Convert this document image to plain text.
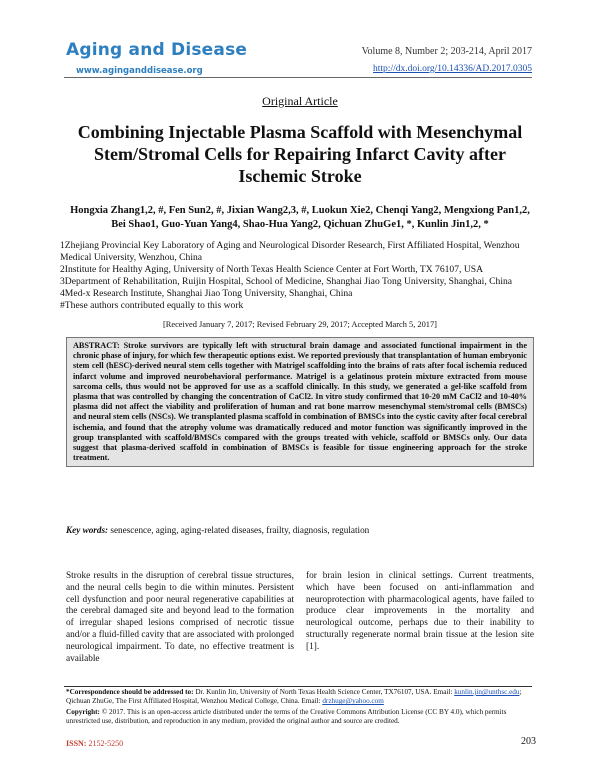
Aging and Disease
www.aginganddisease.org
Volume 8, Number 2; 203-214, April 2017
http://dx.doi.org/10.14336/AD.2017.0305
Original Article
Combining Injectable Plasma Scaffold with Mesenchymal Stem/Stromal Cells for Repairing Infarct Cavity after Ischemic Stroke
Hongxia Zhang1,2, #, Fen Sun2, #, Jixian Wang2,3, #, Luokun Xie2, Chenqi Yang2, Mengxiong Pan1,2, Bei Shao1, Guo-Yuan Yang4, Shao-Hua Yang2, Qichuan ZhuGe1, *, Kunlin Jin1,2, *
1Zhejiang Provincial Key Laboratory of Aging and Neurological Disorder Research, First Affiliated Hospital, Wenzhou Medical University, Wenzhou, China
2Institute for Healthy Aging, University of North Texas Health Science Center at Fort Worth, TX 76107, USA
3Department of Rehabilitation, Ruijin Hospital, School of Medicine, Shanghai Jiao Tong University, Shanghai, China
4Med-x Research Institute, Shanghai Jiao Tong University, Shanghai, China
#These authors contributed equally to this work
[Received January 7, 2017; Revised February 29, 2017; Accepted March 5, 2017]
ABSTRACT: Stroke survivors are typically left with structural brain damage and associated functional impairment in the chronic phase of injury, for which few therapeutic options exist. We reported previously that transplantation of human embryonic stem cell (hESC)-derived neural stem cells together with Matrigel scaffolding into the brains of rats after focal ischemia reduced infarct volume and improved neurobehavioral performance. Matrigel is a gelatinous protein mixture extracted from mouse sarcoma cells, thus would not be approved for use as a scaffold clinically. In this study, we generated a gel-like scaffold from plasma that was controlled by changing the concentration of CaCl2. In vitro study confirmed that 10-20 mM CaCl2 and 10-40% plasma did not affect the viability and proliferation of human and rat bone marrow mesenchymal stem/stromal cells (BMSCs) and neural stem cells (NSCs). We transplanted plasma scaffold in combination of BMSCs into the cystic cavity after focal cerebral ischemia, and found that the atrophy volume was dramatically reduced and motor function was significantly improved in the group transplanted with scaffold/BMSCs compared with the groups treated with vehicle, scaffold or BMSCs only. Our data suggest that plasma-derived scaffold in combination of BMSCs is feasible for tissue engineering approach for the stroke treatment.
Key words: senescence, aging, aging-related diseases, frailty, diagnosis, regulation
Stroke results in the disruption of cerebral tissue structures, and the neural cells begin to die within minutes. Persistent cell dysfunction and poor neural regenerative capabilities at the cerebral damaged site and beyond lead to the formation of irregular shaped lesions comprised of necrotic tissue and/or a fluid-filled cavity that are associated with prolonged neurological impairment. To date, no effective treatment is available
for brain lesion in clinical settings. Current treatments, which have been focused on anti-inflammation and neuroprotection with pharmacological agents, have failed to produce clear improvements in the mortality and neurological outcome, perhaps due to their inability to structurally regenerate normal brain tissue at the lesion site [1].
*Correspondence should be addressed to: Dr. Kunlin Jin, University of North Texas Health Science Center, TX76107, USA. Email: kunlin.jin@unthsc.edu; Qichuan ZhuGe, The First Affiliated Hospital, Wenzhou Medical College, China. Email: drzhuge@yahoo.com
Copyright: © 2017. This is an open-access article distributed under the terms of the Creative Commons Attribution License (CC BY 4.0), which permits unrestricted use, distribution, and reproduction in any medium, provided the original author and source are credited.
ISSN: 2152-5250	203
